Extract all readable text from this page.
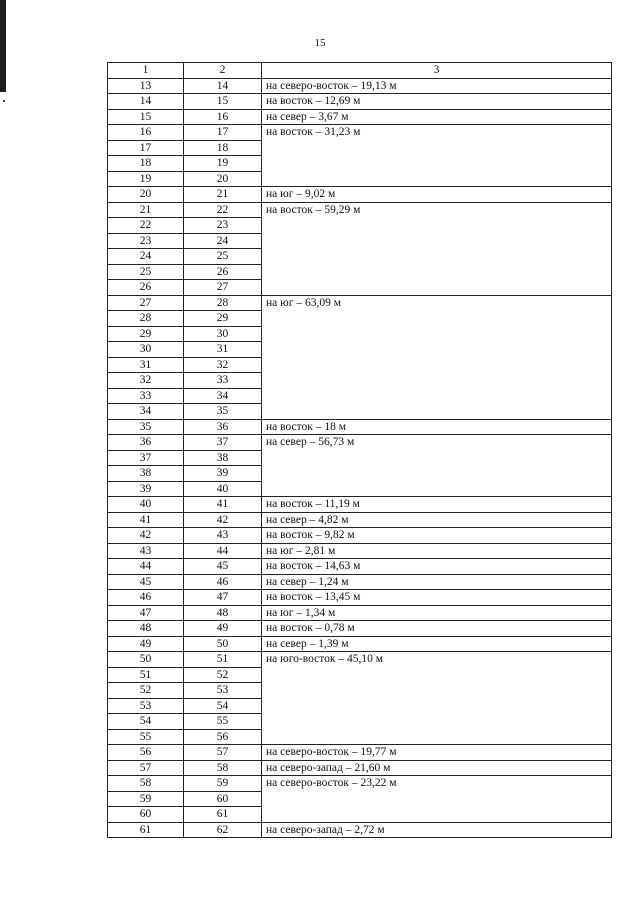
15
1	2	3
13	14	на северо-восток – 19,13 м
14	15	на восток – 12,69 м
15	16	на север – 3,67 м
16	17	на восток – 31,23 м
17	18	
18	19	
19	20	
20	21	на юг – 9,02 м
21	22	на восток – 59,29 м
22	23	
23	24	
24	25	
25	26	
26	27	
27	28	на юг – 63,09 м
28	29	
29	30	
30	31	
31	32	
32	33	
33	34	
34	35	
35	36	на восток – 18 м
36	37	на север – 56,73 м
37	38	
38	39	
39	40	
40	41	на восток – 11,19 м
41	42	на север – 4,82 м
42	43	на восток – 9,82 м
43	44	на юг – 2,81 м
44	45	на восток – 14,63 м
45	46	на север – 1,24 м
46	47	на восток – 13,45 м
47	48	на юг – 1,34 м
48	49	на восток – 0,78 м
49	50	на север – 1,39 м
50	51	на юго-восток – 45,10 м
51	52	
52	53	
53	54	
54	55	
55	56	
56	57	на северо-восток – 19,77 м
57	58	на северо-запад – 21,60 м
58	59	на северо-восток – 23,22 м
59	60	
60	61	
61	62	на северо-запад – 2,72 м
